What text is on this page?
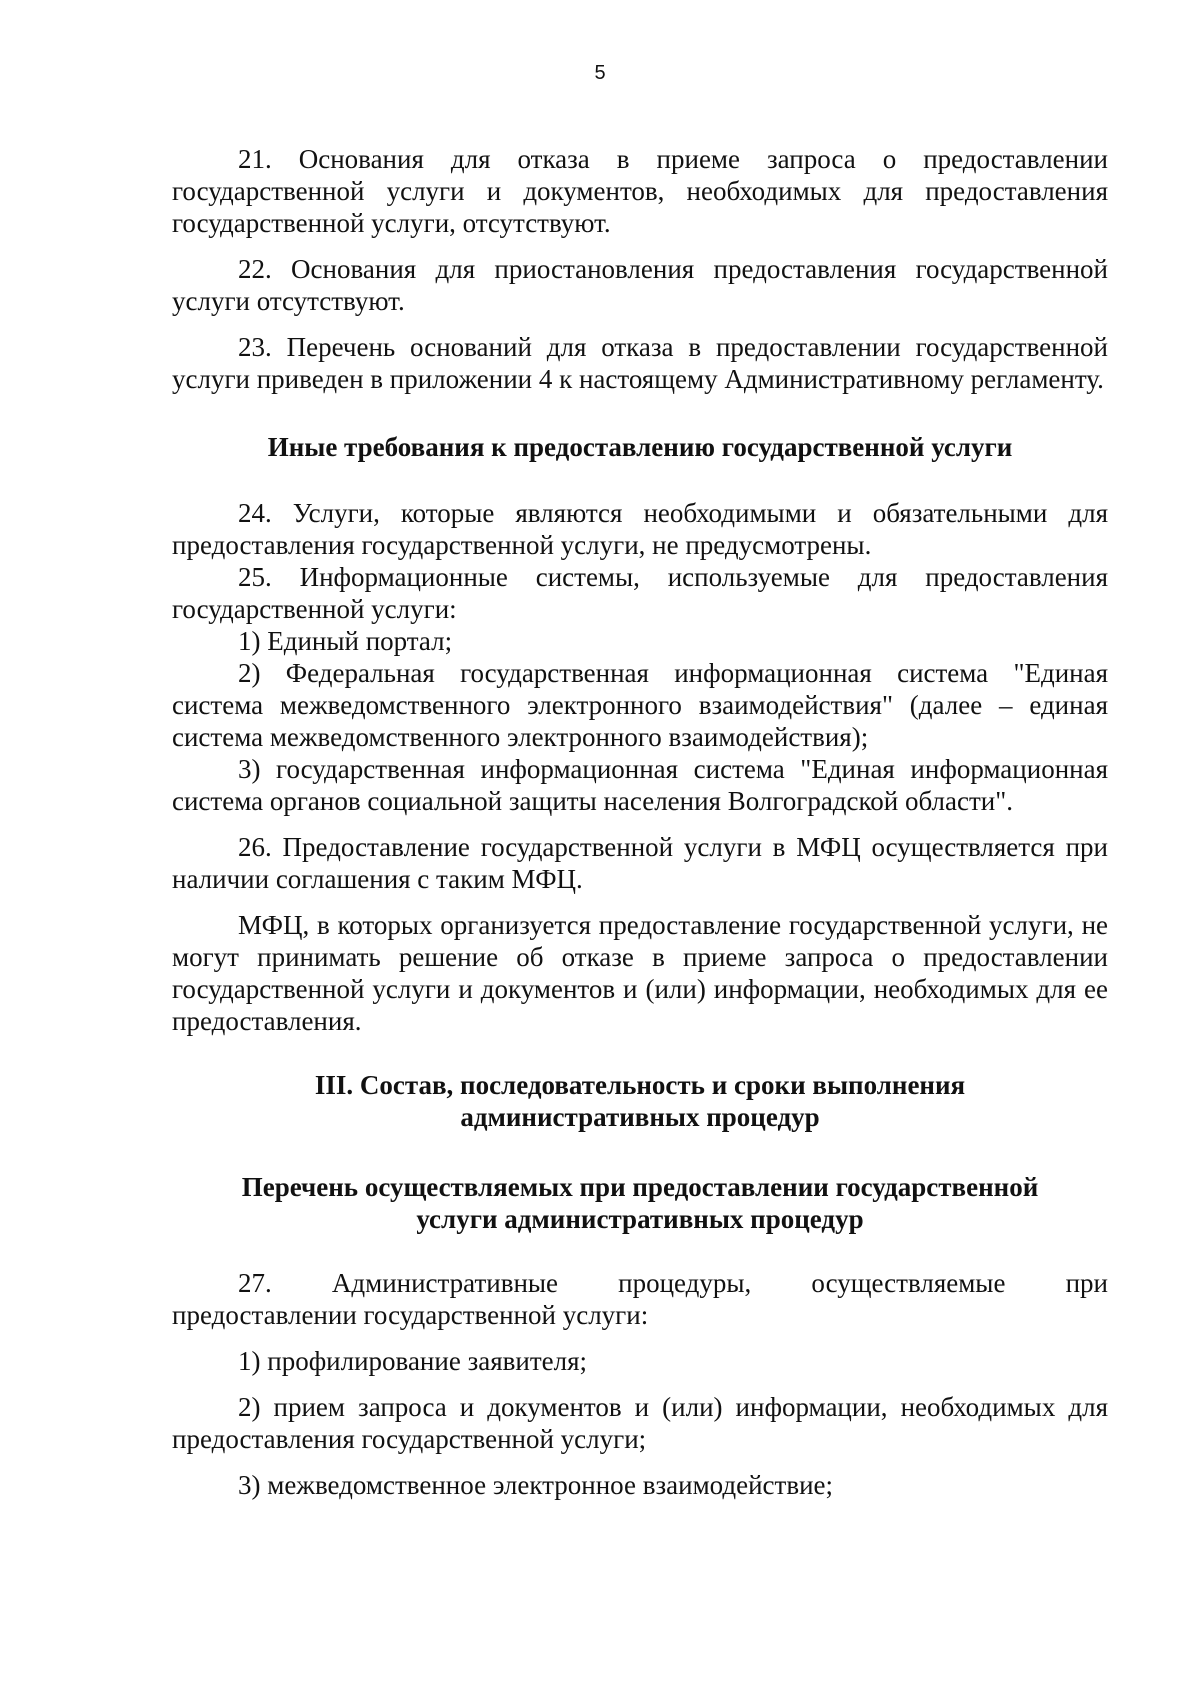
5

21. Основания для отказа в приеме запроса о предоставлении государственной услуги и документов, необходимых для предоставления государственной услуги, отсутствуют.

22. Основания для приостановления предоставления государственной услуги отсутствуют.

23. Перечень оснований для отказа в предоставлении государственной услуги приведен в приложении 4 к настоящему Административному регламенту.

Иные требования к предоставлению государственной услуги

24. Услуги, которые являются необходимыми и обязательными для предоставления государственной услуги, не предусмотрены.

25. Информационные системы, используемые для предоставления государственной услуги:

1) Единый портал;

2) Федеральная государственная информационная система "Единая система межведомственного электронного взаимодействия" (далее – единая система межведомственного электронного взаимодействия);

3) государственная информационная система "Единая информационная система органов социальной защиты населения Волгоградской области".

26. Предоставление государственной услуги в МФЦ осуществляется при наличии соглашения с таким МФЦ.

МФЦ, в которых организуется предоставление государственной услуги, не могут принимать решение об отказе в приеме запроса о предоставлении государственной услуги и документов и (или) информации, необходимых для ее предоставления.

III. Состав, последовательность и сроки выполнения
административных процедур
Перечень осуществляемых при предоставлении государственной
услуги административных процедур
27. Административные процедуры, осуществляемые при
предоставлении государственной услуги:

1) профилирование заявителя;

2) прием запроса и документов и (или) информации, необходимых для предоставления государственной услуги;

3) межведомственное электронное взаимодействие;
